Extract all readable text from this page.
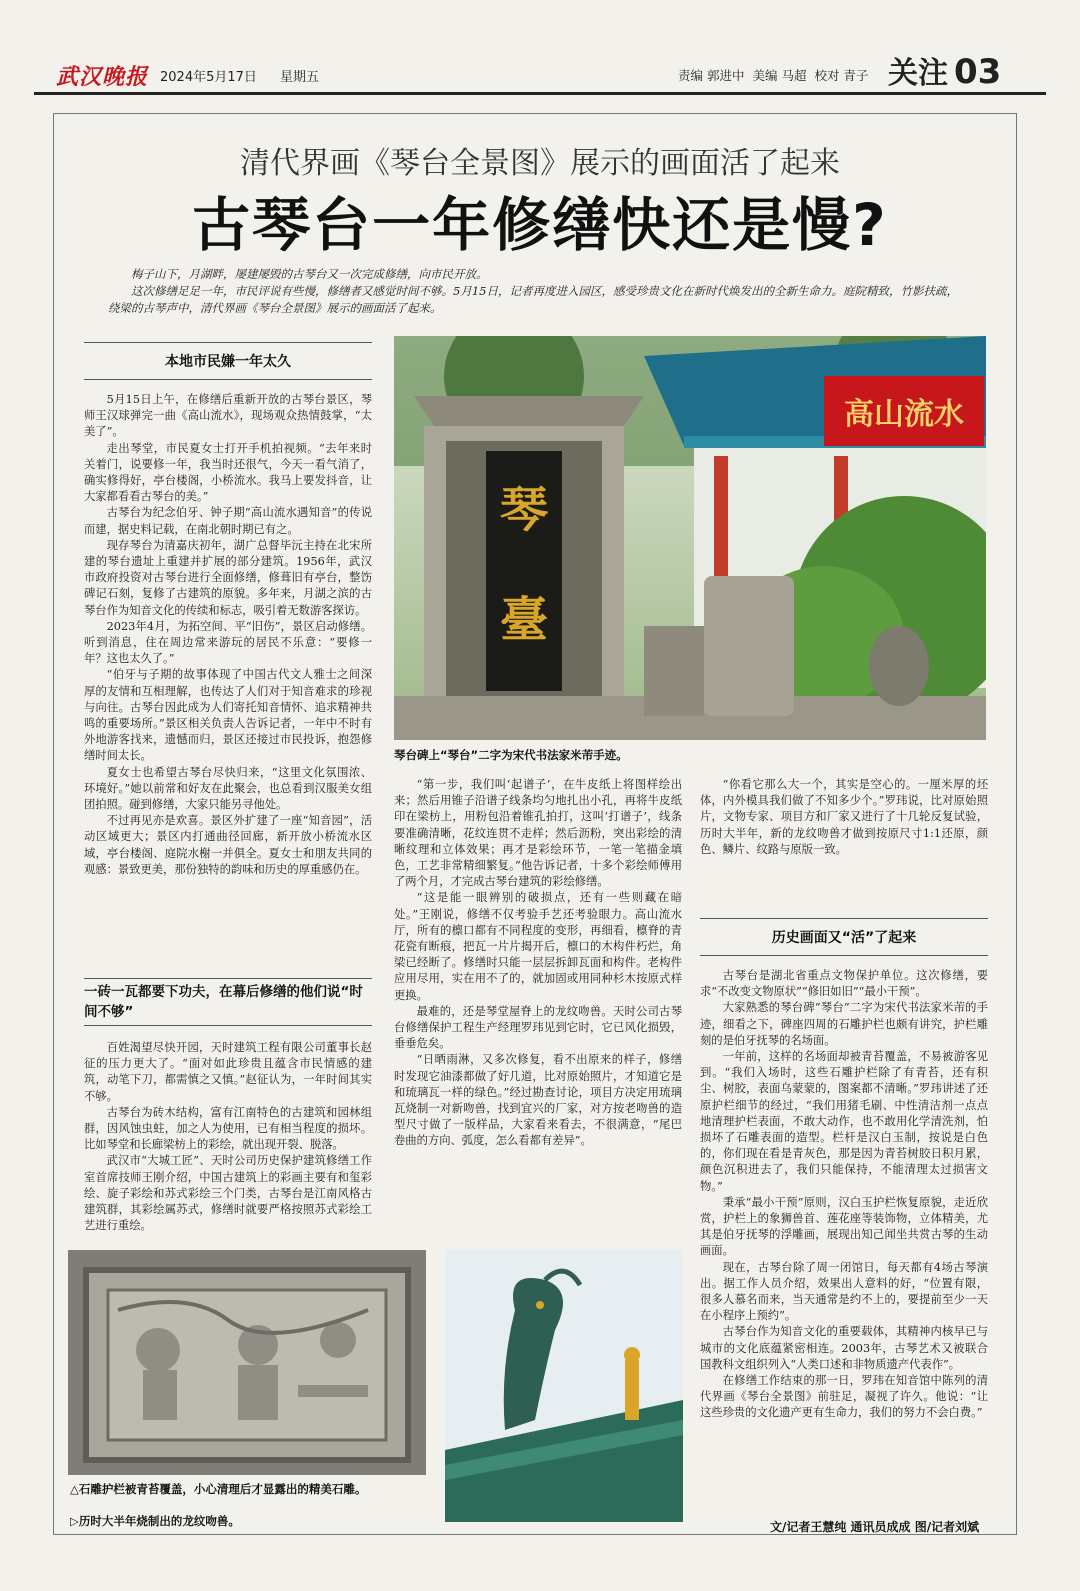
武汉晚报 2024年5月17日 星期五	责编 郭进中 美编 马超 校对 青子 关注 03
清代界画《琴台全景图》展示的画面活了起来
古琴台一年修缮快还是慢?

梅子山下，月湖畔，屡建屡毁的古琴台又一次完成修缮，向市民开放。

这次修缮足足一年，市民评说有些慢，修缮者又感觉时间不够。5月15日，记者再度进入园区，感受珍贵文化在新时代焕发出的全新生命力。庭院精致，竹影扶疏，绕梁的古琴声中，清代界画《琴台全景图》展示的画面活了起来。

本地市民嫌一年太久

5月15日上午，在修缮后重新开放的古琴台景区，琴师王汉球弹完一曲《高山流水》，现场观众热情鼓掌，“太美了”。

走出琴堂，市民夏女士打开手机拍视频。“去年来时关着门，说要修一年，我当时还很气，今天一看气消了，确实修得好，亭台楼阁，小桥流水。我马上要发抖音，让大家都看看古琴台的美。”

古琴台为纪念伯牙、钟子期“高山流水遇知音”的传说而建，据史料记载，在南北朝时期已有之。

现存琴台为清嘉庆初年，湖广总督毕沅主持在北宋所建的琴台遗址上重建并扩展的部分建筑。1956年，武汉市政府投资对古琴台进行全面修缮，修葺旧有亭台，整饬碑记石刻，复修了古建筑的原貌。多年来，月湖之滨的古琴台作为知音文化的传续和标志，吸引着无数游客探访。

2023年4月，为拓空间、平“旧伤”，景区启动修缮。听到消息，住在周边常来游玩的居民不乐意：“要修一年？这也太久了。”

“伯牙与子期的故事体现了中国古代文人雅士之间深厚的友情和互相理解，也传达了人们对于知音难求的珍视与向往。古琴台因此成为人们寄托知音情怀、追求精神共鸣的重要场所。”景区相关负责人告诉记者，一年中不时有外地游客找来，遗憾而归，景区还接过市民投诉，抱怨修缮时间太长。

夏女士也希望古琴台尽快归来，“这里文化氛围浓、环境好。”她以前常和好友在此聚会，也总看到汉服美女组团拍照。碰到修缮，大家只能另寻他处。

不过再见亦是欢喜。景区外扩建了一座“知音园”，活动区域更大；景区内打通曲径回廊，新开放小桥流水区域，亭台楼阁、庭院水榭一并俱全。夏女士和朋友共同的观感：景致更美，那份独特的韵味和历史的厚重感仍在。

一砖一瓦都要下功夫，在幕后修缮的他们说“时间不够”

百姓渴望尽快开园，天时建筑工程有限公司董事长赵征的压力更大了。“面对如此珍贵且蕴含市民情感的建筑，动笔下刀，都需慎之又慎。”赵征认为，一年时间其实不够。

古琴台为砖木结构，富有江南特色的古建筑和园林组群，因风蚀虫蛀，加之人为使用，已有相当程度的损坏。比如琴堂和长廊梁枋上的彩绘，就出现开裂、脱落。

武汉市“大城工匠”、天时公司历史保护建筑修缮工作室首席技师王刚介绍，中国古建筑上的彩画主要有和玺彩绘、旋子彩绘和苏式彩绘三个门类，古琴台是江南风格古建筑群，其彩绘属苏式，修缮时就要严格按照苏式彩绘工艺进行重绘。

高山流水
琴
臺
琴台碑上“琴台”二字为宋代书法家米芾手迹。

“第一步，我们叫‘起谱子’，在牛皮纸上将图样绘出来；然后用锥子沿谱子线条均匀地扎出小孔，再将牛皮纸印在梁枋上，用粉包沿着锥孔拍打，这叫‘打谱子’，线条要准确清晰，花纹连贯不走样；然后沥粉，突出彩绘的清晰纹理和立体效果；再才是彩绘环节，一笔一笔描金填色，工艺非常精细繁复。”他告诉记者，十多个彩绘师傅用了两个月，才完成古琴台建筑的彩绘修缮。

“这是能一眼辨别的破损点，还有一些则藏在暗处。”王刚说，修缮不仅考验手艺还考验眼力。高山流水厅，所有的檩口都有不同程度的变形，再细看，檩脊的青花瓷有断痕，把瓦一片片揭开后，檩口的木构件朽烂，角梁已经断了。修缮时只能一层层拆卸瓦面和构件。老构件应用尽用，实在用不了的，就加固或用同种杉木按原式样更换。

最难的，还是琴堂屋脊上的龙纹吻兽。天时公司古琴台修缮保护工程生产经理罗玮见到它时，它已风化损毁，垂垂危矣。

“日晒雨淋，又多次修复，看不出原来的样子，修缮时发现它油漆都做了好几道，比对原始照片，才知道它是和琉璃瓦一样的绿色。”经过勘查讨论，项目方决定用琉璃瓦烧制一对新吻兽，找到宜兴的厂家，对方按老吻兽的造型尺寸做了一版样品，大家看来看去，不很满意，“尾巴卷曲的方向、弧度，怎么看都有差异”。

“你看它那么大一个，其实是空心的。一厘米厚的坯体，内外模具我们做了不知多少个。”罗玮说，比对原始照片，文物专家、项目方和厂家又进行了十几轮反复试验，历时大半年，新的龙纹吻兽才做到按原尺寸1:1还原，颜色、鳞片、纹路与原版一致。

历史画面又“活”了起来

古琴台是湖北省重点文物保护单位。这次修缮，要求“不改变文物原状”“修旧如旧”“最小干预”。

大家熟悉的琴台碑“琴台”二字为宋代书法家米芾的手迹，细看之下，碑座四周的石雕护栏也颇有讲究，护栏雕刻的是伯牙抚琴的名场面。

一年前，这样的名场面却被青苔覆盖，不易被游客见到。“我们入场时，这些石雕护栏除了有青苔，还有积尘、树胶，表面乌蒙蒙的，图案都不清晰。”罗玮讲述了还原护栏细节的经过，“我们用猪毛刷、中性清洁剂一点点地清理护栏表面，不敢大动作，也不敢用化学清洗剂，怕损坏了石雕表面的造型。栏杆是汉白玉制，按说是白色的，你们现在看是青灰色，那是因为青苔树胶日积月累，颜色沉积进去了，我们只能保持，不能清理太过损害文物。”

秉承“最小干预”原则，汉白玉护栏恢复原貌，走近欣赏，护栏上的象狮兽首、莲花座等装饰物，立体精美，尤其是伯牙抚琴的浮雕画，展现出知己闻坐共赏古琴的生动画面。

现在，古琴台除了周一闭馆日，每天都有4场古琴演出。据工作人员介绍，效果出人意料的好，“位置有限，很多人慕名而来，当天通常是约不上的，要提前至少一天在小程序上预约”。

古琴台作为知音文化的重要载体，其精神内核早已与城市的文化底蕴紧密相连。2003年，古琴艺术又被联合国教科文组织列入“人类口述和非物质遗产代表作”。

在修缮工作结束的那一日，罗玮在知音馆中陈列的清代界画《琴台全景图》前驻足，凝视了许久。他说：“让这些珍贵的文化遗产更有生命力，我们的努力不会白费。”

△石雕护栏被青苔覆盖，小心清理后才显露出的精美石雕。
▷历时大半年烧制出的龙纹吻兽。	文/记者王慧纯 通讯员成成 图/记者刘斌
